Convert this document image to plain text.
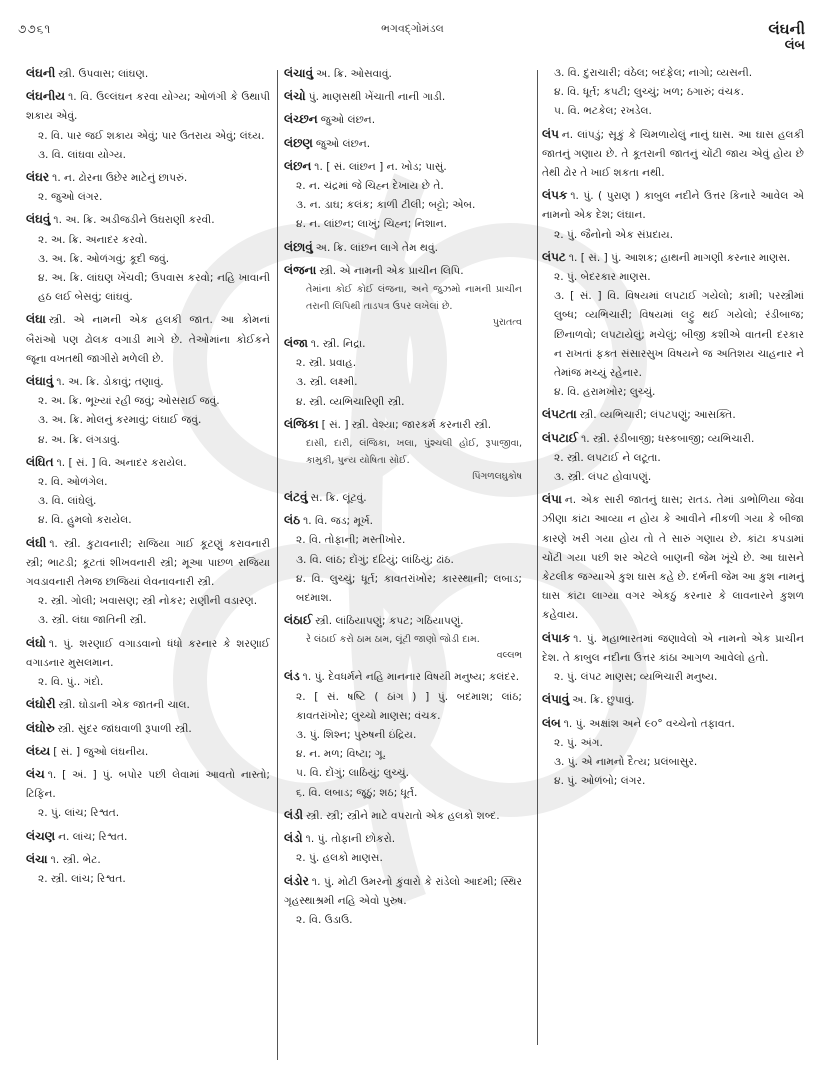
૭૭૬૧	ભગવદ્ગોમંડલ	લંઘની
લંબ
લંઘની સ્ત્રી. ઉપવાસ; લાંઘણ.
લંઘનીય ૧. વિ. ઉલ્લંઘન કરવા યોગ્ય; ઓળંગી કે ઉથાપી શકાય એવું.
૨. વિ. પાર જઈ શકાય એવું; પાર ઉતરાય એવું; લંઘ્ય.
૩. વિ. લાંઘવા યોગ્ય.
લંઘર ૧. ન. ઢોરના ઉછેર માટેનું છાપરું.
૨. જુઓ લંગર.
લંઘવું ૧. અ. ક્રિ. અડીજડીને ઉઘરાણી કરવી.
૨. અ. ક્રિ. અનાદર કરવો.
૩. અ. ક્રિ. ઓળંગવું; કૂદી જવું.
૪. અ. ક્રિ. લાંઘણ ખેંચવી; ઉપવાસ કરવો; નહિ ખાવાની હઠ લઈ બેસવું; લાંઘવું.
લંઘા સ્ત્રી. એ નામની એક હલકી જાત. આ કોમનાં બૈરાંઓ પણ ઢોલક વગાડી માગે છે. તેઓમાંના કોઈકને જૂના વખતથી જાગીરો મળેલી છે.
લંઘાવું ૧. અ. ક્રિ. ડોકાવું; તણાવું.
૨. અ. ક્રિ. ભૂખ્યાં રહી જવું; ઓસરાઈ જવું.
૩. અ. ક્રિ. મોલનું કરમાવું; લંઘાઈ જવું.
૪. અ. ક્રિ. લંગડાવું.
લંઘિત ૧. [ સં. ] વિ. અનાદર કરાયેલ.
૨. વિ. ઓળંગેલ.
૩. વિ. લાંઘેલું.
૪. વિ. હુમલો કરાયેલ.
લંઘી ૧. સ્ત્રી. કુટાવનારી; રાજિયા ગાઈ કૂટણું કરાવનારી સ્ત્રી; ભાટડી; કૂટતાં શીખવનારી સ્ત્રી; મૂઆ પાછળ રાજિયા ગવડાવનારી તેમજ છાજિયાં લેવનાવનારી સ્ત્રી.
૨. સ્ત્રી. ગોલી; ખવાસણ; સ્ત્રી નોકર; રાણીની વડારણ.
૩. સ્ત્રી. લંઘા જાતિની સ્ત્રી.
લંઘો ૧. પું. શરણાઈ વગાડવાનો ધંધો કરનાર કે શરણાઈ વગાડનાર મુસલમાન.
૨. વિ. પું.. ગંદો.
લંઘોરી સ્ત્રી. ઘોડાની એક જાતની ચાલ.
લંઘોરુ સ્ત્રી. સુંદર જાંઘવાળી રૂપાળી સ્ત્રી.
લંઘ્ય [ સં. ] જુઓ લંઘનીય.
લંચ ૧. [ અં. ] પું. બપોર પછી લેવામાં આવતો નાસ્તો; ટિફિન.
૨. પું. લાંચ; રિશ્વત.
લંચણ ન. લાંચ; રિશ્વત.
લંચા ૧. સ્ત્રી. ભેટ.
૨. સ્ત્રી. લાંચ; રિશ્વત.
લંચાવું અ. ક્રિ. ઓસવાવું.
લંચો પું. માણસથી ખેંચાતી નાની ગાડી.
લંચ્છન જુઓ લંછન.
લંછણ જુઓ લંછન.
લંછન ૧. [ સં. લાંછન ] ન. ખોડ; પાસું.
૨. ન. ચંદ્રમાં જે ચિહ્ન દેખાય છે તે.
૩. ન. ડાઘ; કલંક; કાળી ટીલી; બટ્ટો; એબ.
૪. ન. લાંછન; લાખું; ચિહ્ન; નિશાન.
લંછાવું અ. ક્રિ. લાંછન લાગે તેમ થવું.
લંજના સ્ત્રી. એ નામની એક પ્રાચીન લિપિ.
તેમાંના કોઈ કોઈ લંજના, અને જુઝમો નામની પ્રાચીન તરાની લિપિથી તાડપત્ર ઉપર લખેલાં છે.
પુરાતત્વ
લંજા ૧. સ્ત્રી. નિદ્રા.
૨. સ્ત્રી. પ્રવાહ.
૩. સ્ત્રી. લક્ષ્મી.
૪. સ્ત્રી. વ્યભિચારિણી સ્ત્રી.
લંજિકા [ સં. ] સ્ત્રી. વેશ્યા; જારકર્મ કરનારી સ્ત્રી.
દાસી, દારી, લંજિકા, ખલા, પુંશ્ચલી હોઈ, રૂપાજીવા, કામુકી, પુન્ય યોષિતા સોઈ.
પિંગળલઘુકોષ
લંટવું સ. ક્રિ. લૂંટવું.
લંઠ ૧. વિ. જડ; મૂર્ખ.
૨. વિ. તોફાની; મસ્તીખોર.
૩. વિ. લાંઠ; દોંગું; દઢિયું; લાંઠિયું; ઢાંઠ.
૪. વિ. લુચ્ચું; ધૂર્ત; કાવતરાંખોર; કારસ્થાની; લબાડ; બદમાશ.
લંઠાઈ સ્ત્રી. લાંઠિયાપણું; કપટ; ગઠિયાપણું.
રે લંઠાઈ કરો ઠામ ઠામ, લૂંટી જાણો જોડી દામ.
વલ્લભ
લંડ ૧. પું. દેવધર્મને નહિ માનનાર વિષયી મનુષ્ય; કલંદર.
૨. [ સં. ષષ્ટિ ( ઠાંગ ) ] પું. બદમાશ; લાંઠ; કાવતરાંખોર; લુચ્ચો માણસ; વંચક.
૩. પું. શિશ્ન; પુરુષની ઇંદ્રિય.
૪. ન. મળ; વિષ્ટા; ગૂ.
૫. વિ. દોંગું; લાઠિયું; લુચ્ચું.
૬. વિ. લબાડ; જૂઠું; શઠ; ધૂર્ત.
લંડી સ્ત્રી. સ્ત્રી; સ્ત્રીને માટે વપરાતો એક હલકો શબ્દ.
લંડો ૧. પું. તોફાની છોકરો.
૨. પું. હલકો માણસ.
લંડોર ૧. પું. મોટી ઉમરનો કુંવારો કે રાંડેલો આદમી; સ્થિર ગૃહસ્થાશ્રમી નહિ એવો પુરુષ.
૨. વિ. ઉડાઉ.
૩. વિ. દુરાચારી; વંઠેલ; બદફેલ; નાગો; વ્યસની.
૪. વિ. ધૂર્ત; કપટી; લુચ્ચું; ખળ; ઠગારું; વંચક.
૫. વિ. ભટકેલ; રખડેલ.
લંપ ન. લાંપડું; સૂકું કે ચિમળાયેલું નાનું ઘાસ. આ ઘાસ હલકી જાતનું ગણાય છે. તે કૂતરાની જાતનું ચોંટી જાય એવું હોય છે તેથી ઢોર તે ખાઈ શકતા નથી.
લંપક ૧. પું. ( પુરાણ ) કાબુલ નદીને ઉત્તર કિનારે આવેલ એ નામનો એક દેશ; લંઘાન.
૨. પું. જૈનોનો એક સંપ્રદાય.
લંપટ ૧. [ સં. ] પું. આશક; હાથની માગણી કરનાર માણસ.
૨. પું. બેદરકાર માણસ.
૩. [ સં. ] વિ. વિષયમાં લપટાઈ ગયેલો; કામી; પરસ્ત્રીમાં લુબ્ધ; વ્યભિચારી; વિષયમાં લટ્ટુ થઈ ગયેલો; રંડીબાજ; છિનાળવો; લપટાયેલું; મચેલું; બીજી કશીએ વાતની દરકાર ન રાખતાં ફક્ત સંસારસુખ વિષયને જ અતિશય ચાહનાર ને તેમાંજ મચ્યું રહેનાર.
૪. વિ. હરામખોર; લુચ્ચું.
લંપટતા સ્ત્રી. વ્યભિચારી; લંપટપણું; આસક્તિ.
લંપટાઈ ૧. સ્ત્રી. રંડીબાજી; ધસ્કબાજી; વ્યભિચારી.
૨. સ્ત્રી. લપટાઈ ને લટૂતા.
૩. સ્ત્રી. લંપટ હોવાપણું.
લંપા ન. એક સારી જાતનું ઘાસ; રાતડ. તેમાં ડાભોળિયા જેવા ઝીણા કાંટા આવ્યા ન હોય કે આવીને નીકળી ગયા કે બીજા કારણે ખરી ગયા હોય તો તે સારું ગણાય છે. કાંટા કપડામાં ચોંટી ગયા પછી શર એટલે બાણની જેમ ખૂંચે છે. આ ઘાસને કેટલીક જગ્યાએ કુશ ઘાસ કહે છે. દર્ભની જેમ આ કુશ નામનું ઘાસ કાંટા લાગ્યા વગર એકઠું કરનાર કે લાવનારને કુશળ કહેવાય.
લંપાક ૧. પું. મહાભારતમાં જણાવેલો એ નામનો એક પ્રાચીન દેશ. તે કાબુલ નદીના ઉત્તર કાંઠા આગળ આવેલો હતો.
૨. પું. લંપટ માણસ; વ્યભિચારી મનુષ્ય.
લંપાવું અ. ક્રિ. છુપાવું.
લંબ ૧. પું. અક્ષાંશ અને ૯૦° વચ્ચેનો તફાવત.
૨. પું. અંગ.
૩. પું. એ નામનો દૈત્ય; પ્રલંબાસુર.
૪. પું. ઓળંબો; લંગર.
